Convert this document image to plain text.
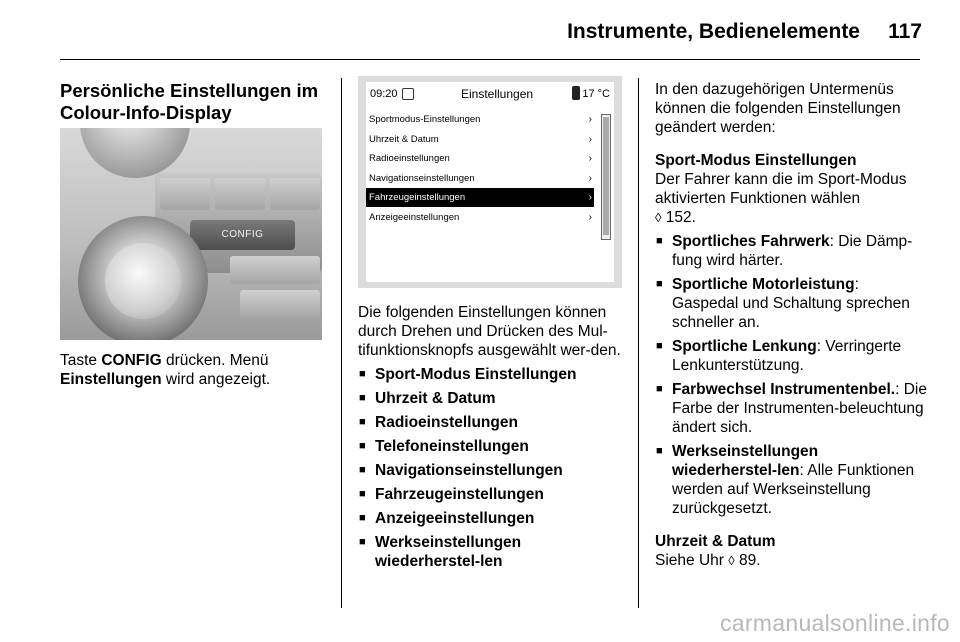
Instrumente, Bedienelemente 117
Persönliche Einstellungen im
Colour-Info-Display
CONFIG

Taste CONFIG drücken. Menü
Einstellungen wird angezeigt.

09:20	Einstellungen	17 °C
Sportmodus-Einstellungen	›
Uhrzeit & Datum	›
Radioeinstellungen	›
Navigationseinstellungen	›
Fahrzeugeinstellungen	›
Anzeigeeinstellungen	›

Die folgenden Einstellungen können durch Drehen und Drücken des Mul-tifunktionsknopfs ausgewählt wer-den.

■ Sport-Modus Einstellungen
■ Uhrzeit & Datum
■ Radioeinstellungen
■ Telefoneinstellungen
■ Navigationseinstellungen
■ Fahrzeugeinstellungen
■ Anzeigeeinstellungen
■ Werkseinstellungen wiederherstel-len

In den dazugehörigen Untermenüs können die folgenden Einstellungen geändert werden:

Sport-Modus Einstellungen

Der Fahrer kann die im Sport-Modus aktivierten Funktionen wählen
◊ 152.

■ Sportliches Fahrwerk: Die Dämp-fung wird härter.
■ Sportliche Motorleistung: Gaspedal und Schaltung sprechen schneller an.
■ Sportliche Lenkung: Verringerte Lenkunterstützung.
■ Farbwechsel Instrumentenbel.: Die Farbe der Instrumenten-beleuchtung ändert sich.
■ Werkseinstellungen wiederherstel-len: Alle Funktionen werden auf Werkseinstellung zurückgesetzt.

Uhrzeit & Datum

Siehe Uhr ◊ 89.

carmanualsonline.info
